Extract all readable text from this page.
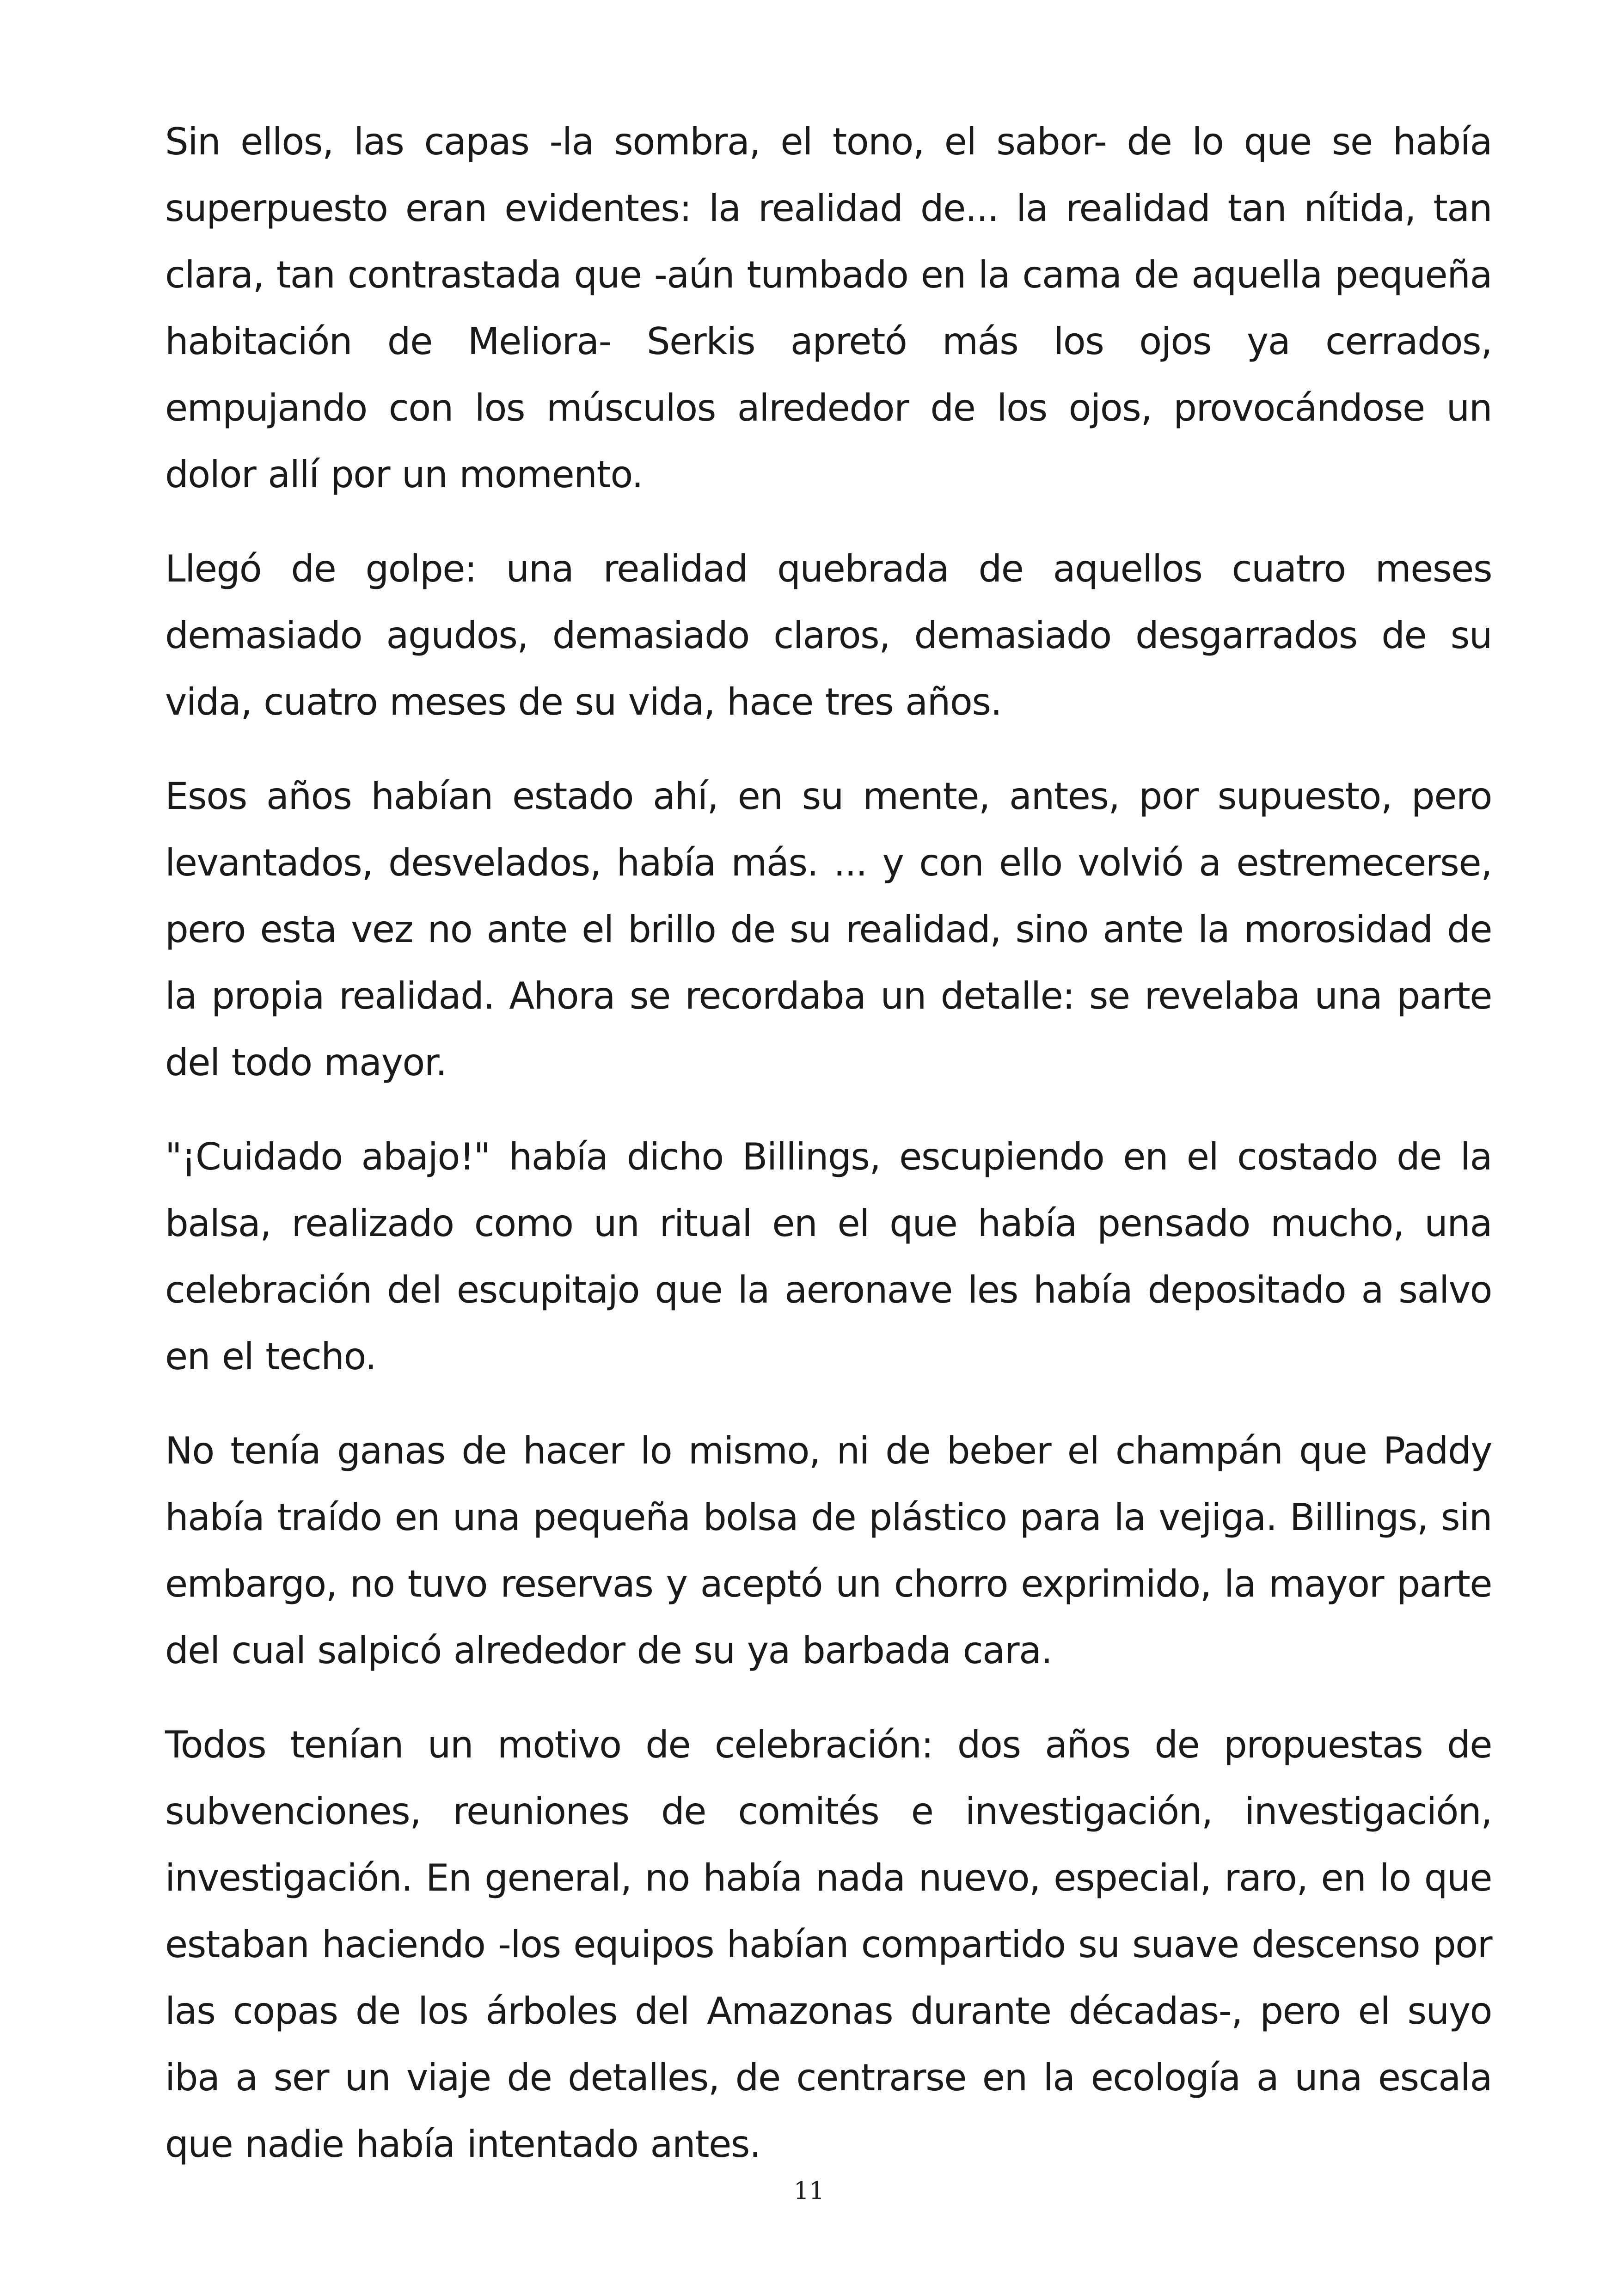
Sin ellos, las capas -la sombra, el tono, el sabor- de lo que se había superpuesto eran evidentes: la realidad de... la realidad tan nítida, tan clara, tan contrastada que -aún tumbado en la cama de aquella pequeña habitación de Meliora- Serkis apretó más los ojos ya cerrados, empujando con los músculos alrededor de los ojos, provocándose un dolor allí por un momento.

Llegó de golpe: una realidad quebrada de aquellos cuatro meses demasiado agudos, demasiado claros, demasiado desgarrados de su vida, cuatro meses de su vida, hace tres años.

Esos años habían estado ahí, en su mente, antes, por supuesto, pero levantados, desvelados, había más. ... y con ello volvió a estremecerse, pero esta vez no ante el brillo de su realidad, sino ante la morosidad de la propia realidad. Ahora se recordaba un detalle: se revelaba una parte del todo mayor.

"¡Cuidado abajo!" había dicho Billings, escupiendo en el costado de la balsa, realizado como un ritual en el que había pensado mucho, una celebración del escupitajo que la aeronave les había depositado a salvo en el techo.

No tenía ganas de hacer lo mismo, ni de beber el champán que Paddy había traído en una pequeña bolsa de plástico para la vejiga. Billings, sin embargo, no tuvo reservas y aceptó un chorro exprimido, la mayor parte del cual salpicó alrededor de su ya barbada cara.

Todos tenían un motivo de celebración: dos años de propuestas de subvenciones, reuniones de comités e investigación, investigación, investigación. En general, no había nada nuevo, especial, raro, en lo que estaban haciendo -los equipos habían compartido su suave descenso por las copas de los árboles del Amazonas durante décadas-, pero el suyo iba a ser un viaje de detalles, de centrarse en la ecología a una escala que nadie había intentado antes.

11
